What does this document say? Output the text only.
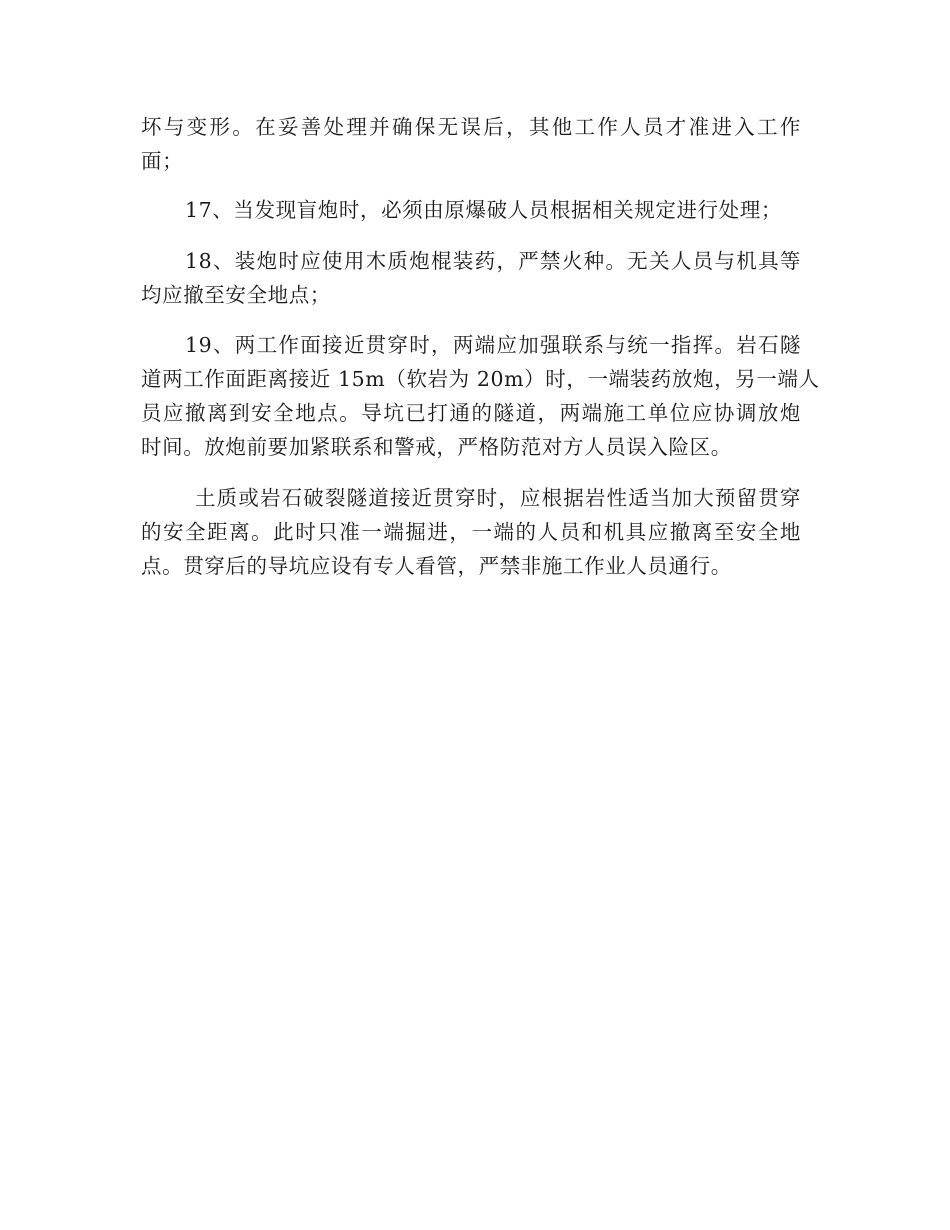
坏与变形。在妥善处理并确保无误后，其他工作人员才准进入工作
面；

17、当发现盲炮时，必须由原爆破人员根据相关规定进行处理；

18、装炮时应使用木质炮棍装药，严禁火种。无关人员与机具等
均应撤至安全地点；

19、两工作面接近贯穿时，两端应加强联系与统一指挥。岩石隧
道两工作面距离接近 15m（软岩为 20m）时，一端装药放炮，另一端人
员应撤离到安全地点。导坑已打通的隧道，两端施工单位应协调放炮
时间。放炮前要加紧联系和警戒，严格防范对方人员误入险区。

土质或岩石破裂隧道接近贯穿时，应根据岩性适当加大预留贯穿
的安全距离。此时只准一端掘进，一端的人员和机具应撤离至安全地
点。贯穿后的导坑应设有专人看管，严禁非施工作业人员通行。
